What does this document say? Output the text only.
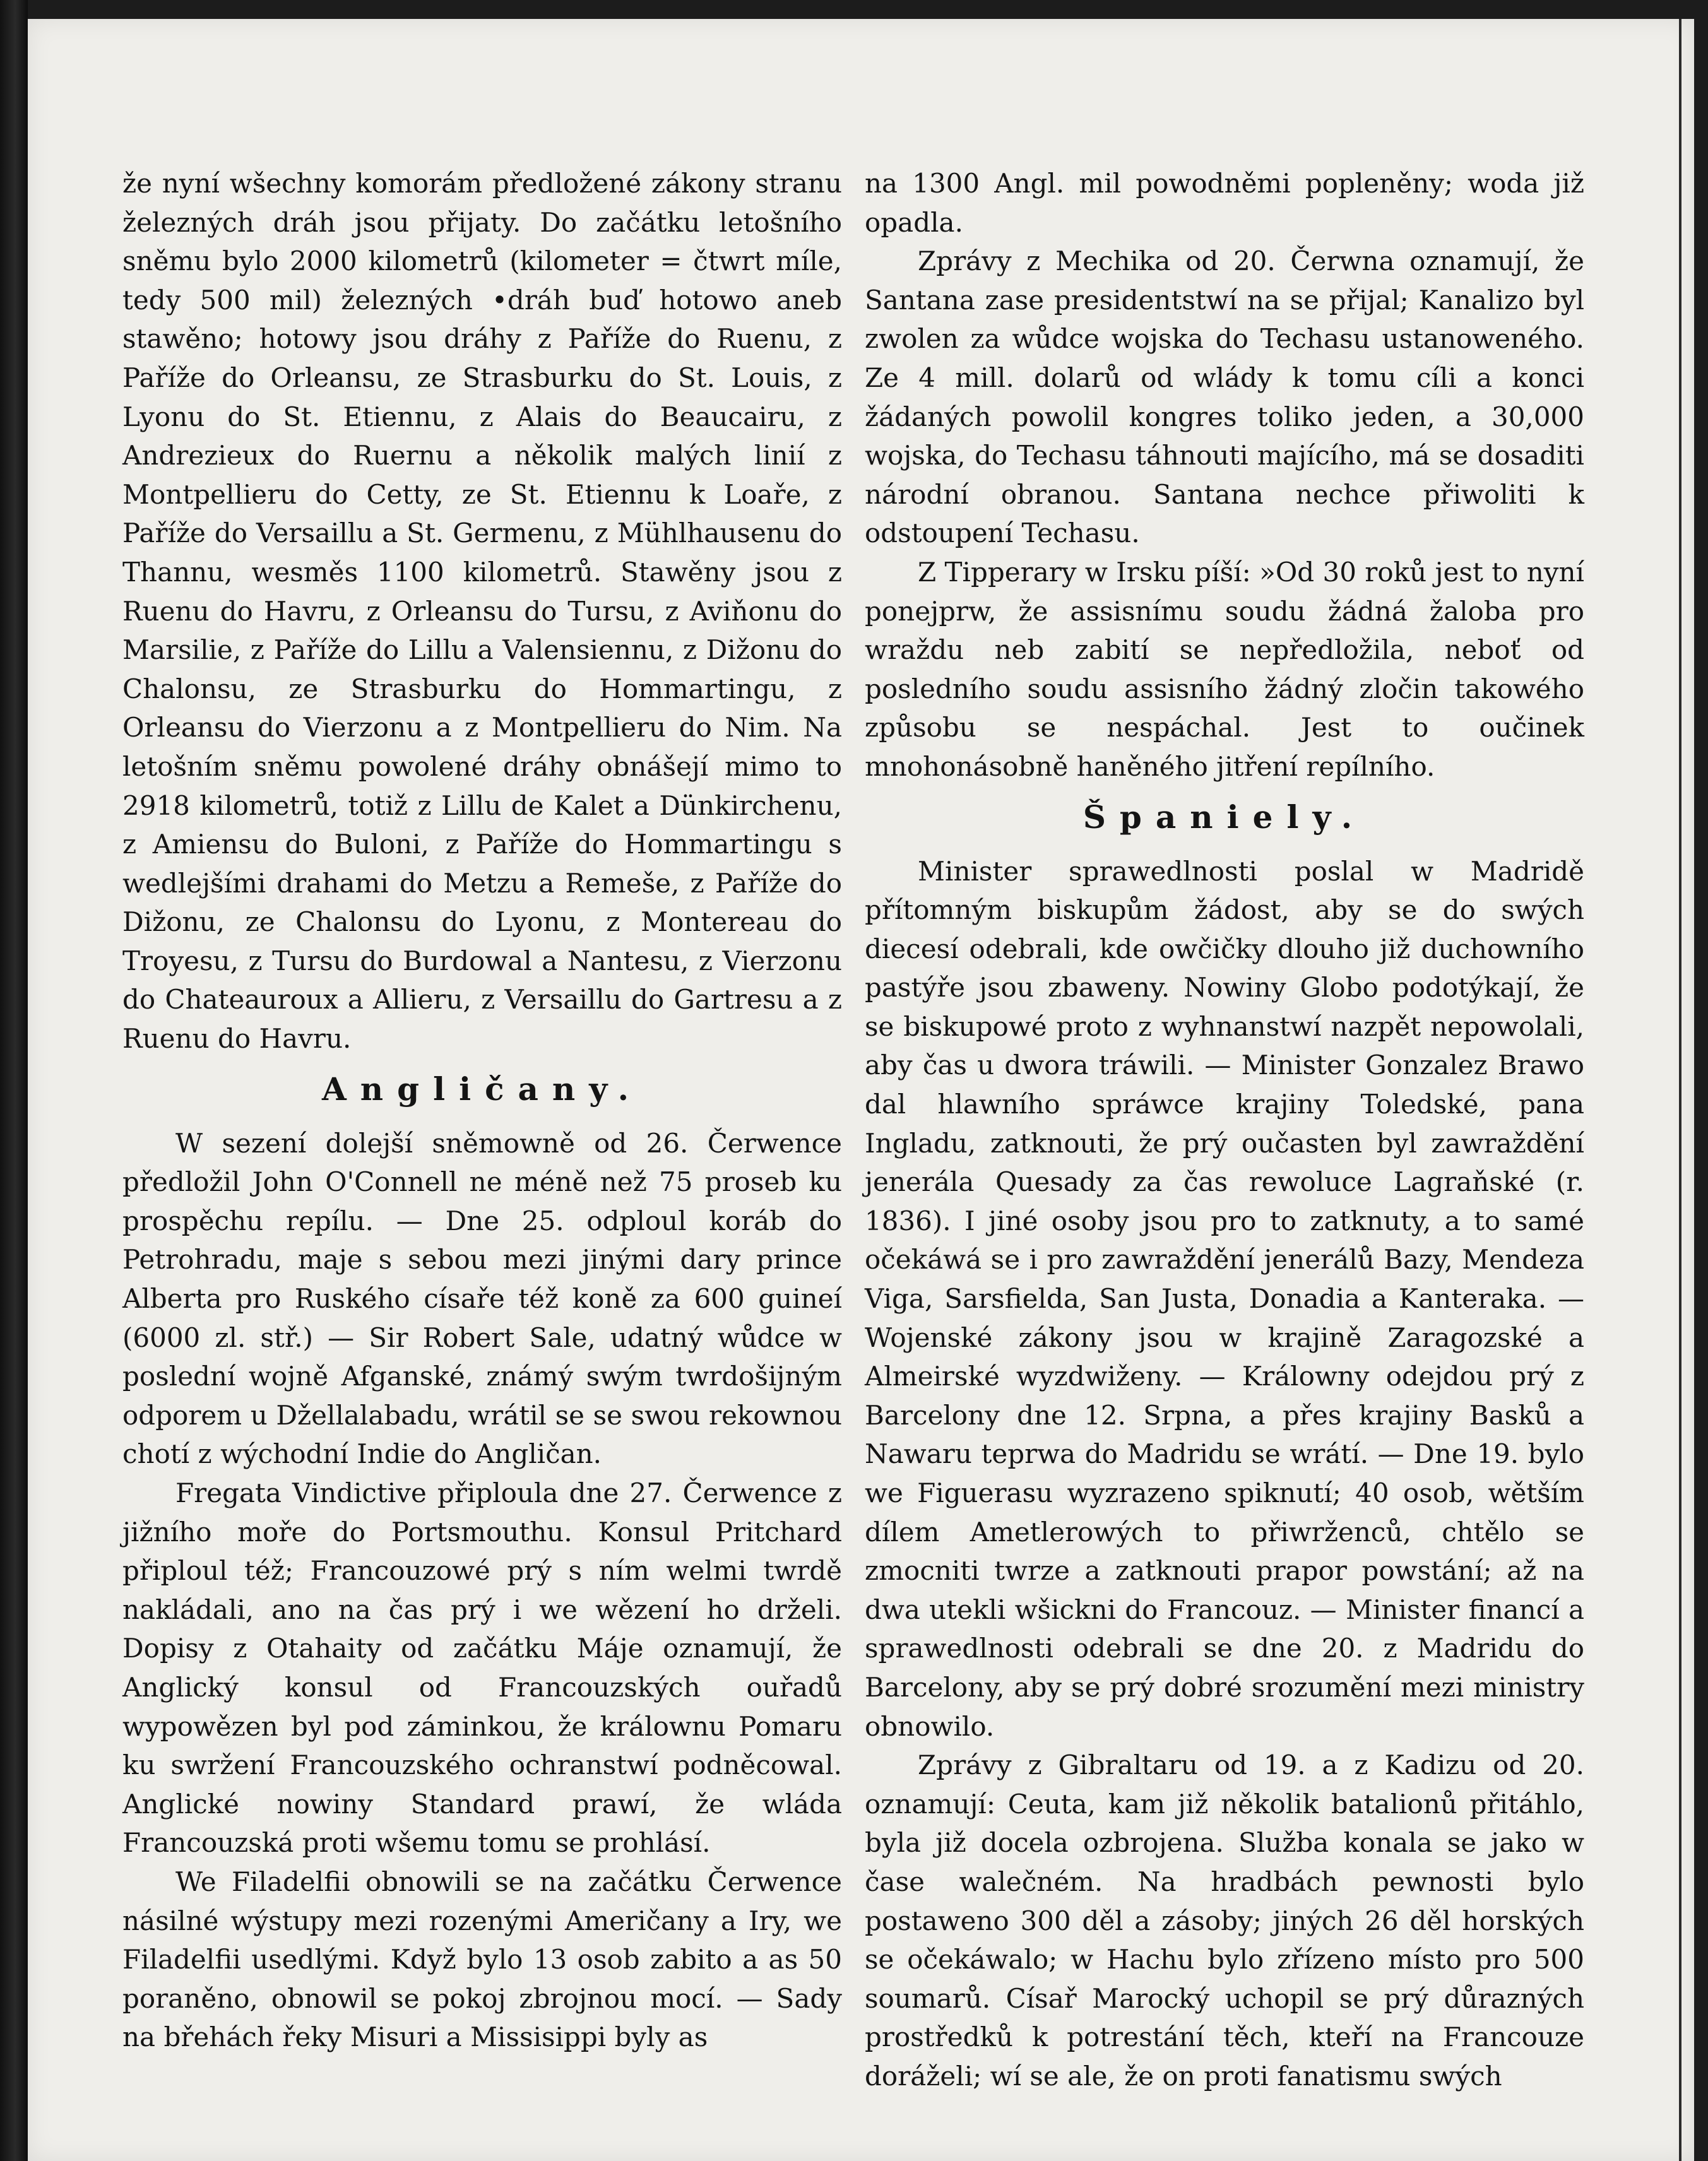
že nyní wšechny komorám předložené zákony stranu železných dráh jsou přijaty. Do začátku letošního sněmu bylo 2000 kilometrů (kilometer = čtwrt míle, tedy 500 mil) železných •dráh buď hotowo aneb stawěno; hotowy jsou dráhy z Paříže do Ruenu, z Paříže do Orleansu, ze Strasburku do St. Louis, z Lyonu do St. Etiennu, z Alais do Beaucairu, z Andrezieux do Ruernu a několik malých linií z Montpellieru do Cetty, ze St. Etiennu k Loaře, z Paříže do Versaillu a St. Germenu, z Mühlhausenu do Thannu, wesměs 1100 kilometrů. Stawěny jsou z Ruenu do Havru, z Orleansu do Tursu, z Aviňonu do Marsilie, z Paříže do Lillu a Valensiennu, z Dižonu do Chalonsu, ze Strasburku do Hommartingu, z Orleansu do Vierzonu a z Montpellieru do Nim. Na letošním sněmu powolené dráhy obnášejí mimo to 2918 kilometrů, totiž z Lillu de Kalet a Dünkirchenu, z Amiensu do Buloni, z Paříže do Hommartingu s wedlejšími drahami do Metzu a Remeše, z Paříže do Dižonu, ze Chalonsu do Lyonu, z Montereau do Troyesu, z Tursu do Burdowal a Nantesu, z Vierzonu do Chateauroux a Allieru, z Versaillu do Gartresu a z Ruenu do Havru.

Angličany.

W sezení dolejší sněmowně od 26. Čerwence předložil John O'Connell ne méně než 75 proseb ku prospěchu repílu. — Dne 25. odploul koráb do Petrohradu, maje s sebou mezi jinými dary prince Alberta pro Ruského císaře též koně za 600 guineí (6000 zl. stř.) — Sir Robert Sale, udatný wůdce w poslední wojně Afganské, známý swým twrdošijným odporem u Džellalabadu, wrátil se se swou rekownou chotí z wýchodní Indie do Angličan.

Fregata Vindictive připloula dne 27. Čerwence z jižního moře do Portsmouthu. Konsul Pritchard připloul též; Francouzowé prý s ním welmi twrdě nakládali, ano na čas prý i we wězení ho drželi. Dopisy z Otahaity od začátku Máje oznamují, že Anglický konsul od Francouzských ouřadů wypowězen byl pod záminkou, že králownu Pomaru ku swržení Francouzského ochranstwí podněcowal. Anglické nowiny Standard prawí, že wláda Francouzská proti wšemu tomu se prohlásí.

We Filadelfii obnowili se na začátku Čerwence násilné wýstupy mezi rozenými Američany a Iry, we Filadelfii usedlými. Když bylo 13 osob zabito a as 50 poraněno, obnowil se pokoj zbrojnou mocí. — Sady na břehách řeky Misuri a Missisippi byly as

na 1300 Angl. mil powodněmi popleněny; woda již opadla.

Zprávy z Mechika od 20. Čerwna oznamují, že Santana zase presidentstwí na se přijal; Kanalizo byl zwolen za wůdce wojska do Techasu ustanoweného. Ze 4 mill. dolarů od wlády k tomu cíli a konci žádaných powolil kongres toliko jeden, a 30,000 wojska, do Techasu táhnouti majícího, má se dosaditi národní obranou. Santana nechce přiwoliti k odstoupení Techasu.

Z Tipperary w Irsku píší: »Od 30 roků jest to nyní ponejprw, že assisnímu soudu žádná žaloba pro wraždu neb zabití se nepředložila, neboť od posledního soudu assisního žádný zločin takowého způsobu se nespáchal. Jest to oučinek mnohonásobně haněného jitření repílního.

Španiely.

Minister sprawedlnosti poslal w Madridě přítomným biskupům žádost, aby se do swých diecesí odebrali, kde owčičky dlouho již duchowního pastýře jsou zbaweny. Nowiny Globo podotýkají, že se biskupowé proto z wyhnanstwí nazpět nepowolali, aby čas u dwora tráwili. — Minister Gonzalez Brawo dal hlawního spráwce krajiny Toledské, pana Ingladu, zatknouti, že prý oučasten byl zawraždění jenerála Quesady za čas rewoluce Lagraňské (r. 1836). I jiné osoby jsou pro to zatknuty, a to samé očekáwá se i pro zawraždění jenerálů Bazy, Mendeza Viga, Sarsfielda, San Justa, Donadia a Kanteraka. — Wojenské zákony jsou w krajině Zaragozské a Almeirské wyzdwiženy. — Králowny odejdou prý z Barcelony dne 12. Srpna, a přes krajiny Basků a Nawaru teprwa do Madridu se wrátí. — Dne 19. bylo we Figuerasu wyzrazeno spiknutí; 40 osob, wětším dílem Ametlerowých to přiwrženců, chtělo se zmocniti twrze a zatknouti prapor powstání; až na dwa utekli wšickni do Francouz. — Minister financí a sprawedlnosti odebrali se dne 20. z Madridu do Barcelony, aby se prý dobré srozumění mezi ministry obnowilo.

Zprávy z Gibraltaru od 19. a z Kadizu od 20. oznamují: Ceuta, kam již několik batalionů přitáhlo, byla již docela ozbrojena. Služba konala se jako w čase walečném. Na hradbách pewnosti bylo postaweno 300 děl a zásoby; jiných 26 děl horských se očekáwalo; w Hachu bylo zřízeno místo pro 500 soumarů. Císař Marocký uchopil se prý důrazných prostředků k potrestání těch, kteří na Francouze doráželi; wí se ale, že on proti fanatismu swých
